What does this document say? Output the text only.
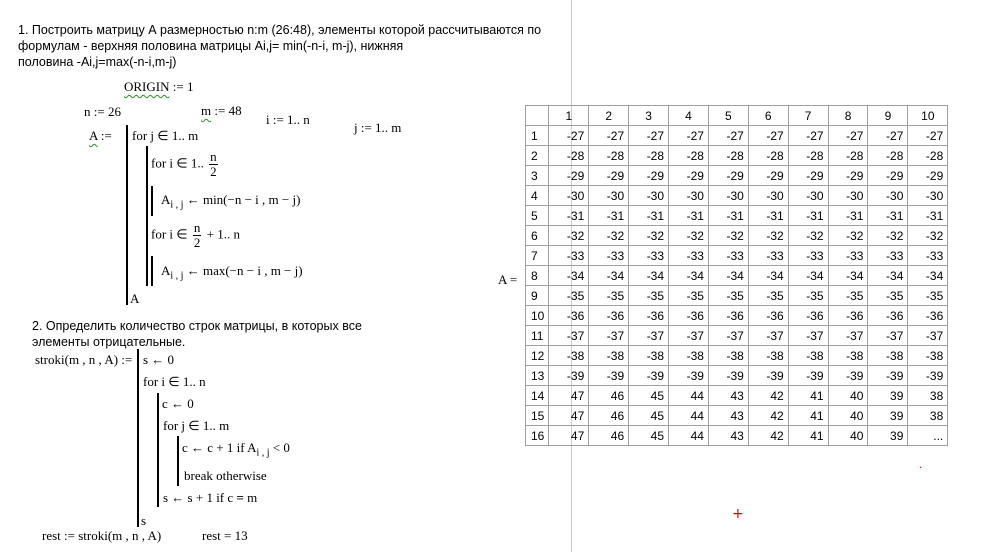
1. Построить матрицу А размерностью n:m (26:48), элементы которой рассчитываются по
формулам - верхняя половина матрицы Ai,j= min(-n-i, m-j), нижняя
половина -Ai,j=max(-n-i,m-j)
ORIGIN := 1
n := 26	m := 48
i := 1.. n
j := 1.. m
A := for j ∈ 1.. m
for i ∈ 1.. $\frac{n}{2}$
$A_{i , j}$ ← min(−n − i , m − j)
for i ∈ $\frac{n}{2} + 1$.. n
$A_{i , j}$ ← max(−n − i , m − j)
A
2. Определить количество строк матрицы, в которых все
элементы отрицательные.
stroki(m , n , A) := s ← 0
for i ∈ 1.. n
c ← 0
for j ∈ 1.. m
c ← c + 1 if $A_{i , j} < 0$
break otherwise
s ← s + 1 if c = m
s
rest := stroki(m , n , A)	rest = 13
A =
	1	2	3	4	5	6	7	8	9	10
1	-27	-27	-27	-27	-27	-27	-27	-27	-27	-27
2	-28	-28	-28	-28	-28	-28	-28	-28	-28	-28
3	-29	-29	-29	-29	-29	-29	-29	-29	-29	-29
4	-30	-30	-30	-30	-30	-30	-30	-30	-30	-30
5	-31	-31	-31	-31	-31	-31	-31	-31	-31	-31
6	-32	-32	-32	-32	-32	-32	-32	-32	-32	-32
7	-33	-33	-33	-33	-33	-33	-33	-33	-33	-33
8	-34	-34	-34	-34	-34	-34	-34	-34	-34	-34
9	-35	-35	-35	-35	-35	-35	-35	-35	-35	-35
10	-36	-36	-36	-36	-36	-36	-36	-36	-36	-36
11	-37	-37	-37	-37	-37	-37	-37	-37	-37	-37
12	-38	-38	-38	-38	-38	-38	-38	-38	-38	-38
13	-39	-39	-39	-39	-39	-39	-39	-39	-39	-39
14	47	46	45	44	43	42	41	40	39	38
15	47	46	45	44	43	42	41	40	39	38
16	47	46	45	44	43	42	41	40	39	...
+
.
